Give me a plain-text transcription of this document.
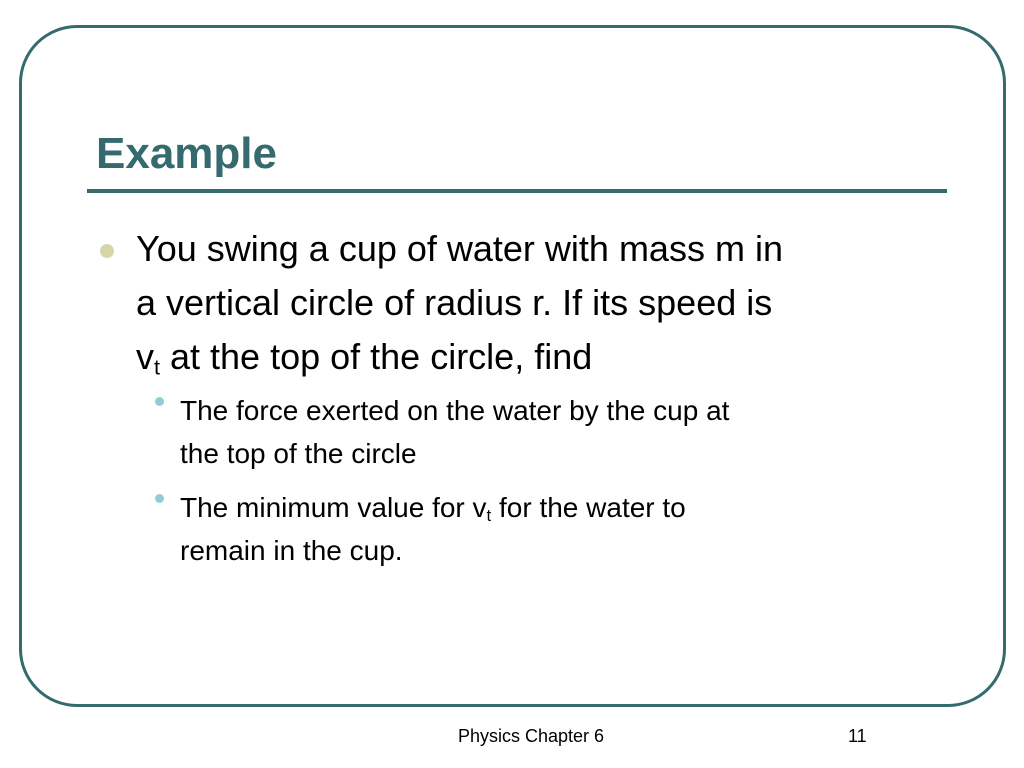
Example
You swing a cup of water with mass m in
a vertical circle of radius r. If its speed is
$v_t$ at the top of the circle, find
The force exerted on the water by the cup at
the top of the circle
The minimum value for $v_t$ for the water to
remain in the cup.
Physics Chapter 6	11
